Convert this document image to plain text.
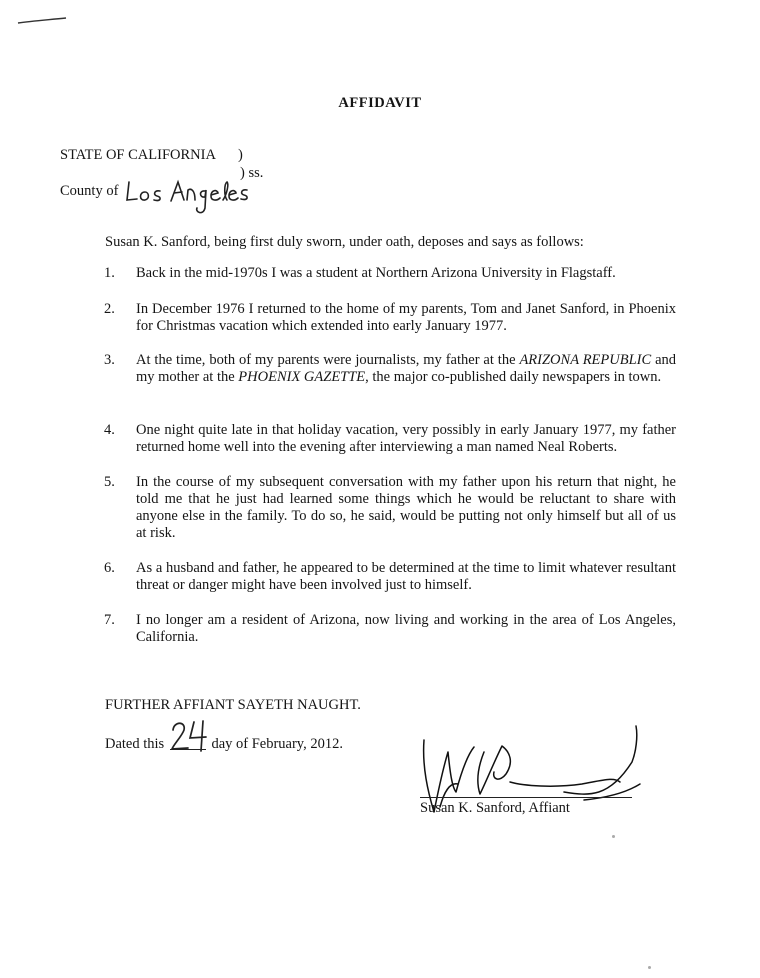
AFFIDAVIT
STATE OF CALIFORNIA )
) ss.
County of
Susan K. Sanford, being first duly sworn, under oath, deposes and says as follows:
1. Back in the mid-1970s I was a student at Northern Arizona University in Flagstaff.
2. In December 1976 I returned to the home of my parents, Tom and Janet Sanford, in Phoenix for Christmas vacation which extended into early January 1977.
3. At the time, both of my parents were journalists, my father at the ARIZONA REPUBLIC and my mother at the PHOENIX GAZETTE, the major co-published daily newspapers in town.
4. One night quite late in that holiday vacation, very possibly in early January 1977, my father returned home well into the evening after interviewing a man named Neal Roberts.
5. In the course of my subsequent conversation with my father upon his return that night, he told me that he just had learned some things which he would be reluctant to share with anyone else in the family. To do so, he said, would be putting not only himself but all of us at risk.
6. As a husband and father, he appeared to be determined at the time to limit whatever resultant threat or danger might have been involved just to himself.
7. I no longer am a resident of Arizona, now living and working in the area of Los Angeles, California.
FURTHER AFFIANT SAYETH NAUGHT.
Dated this	day of February, 2012.
Susan K. Sanford, Affiant
